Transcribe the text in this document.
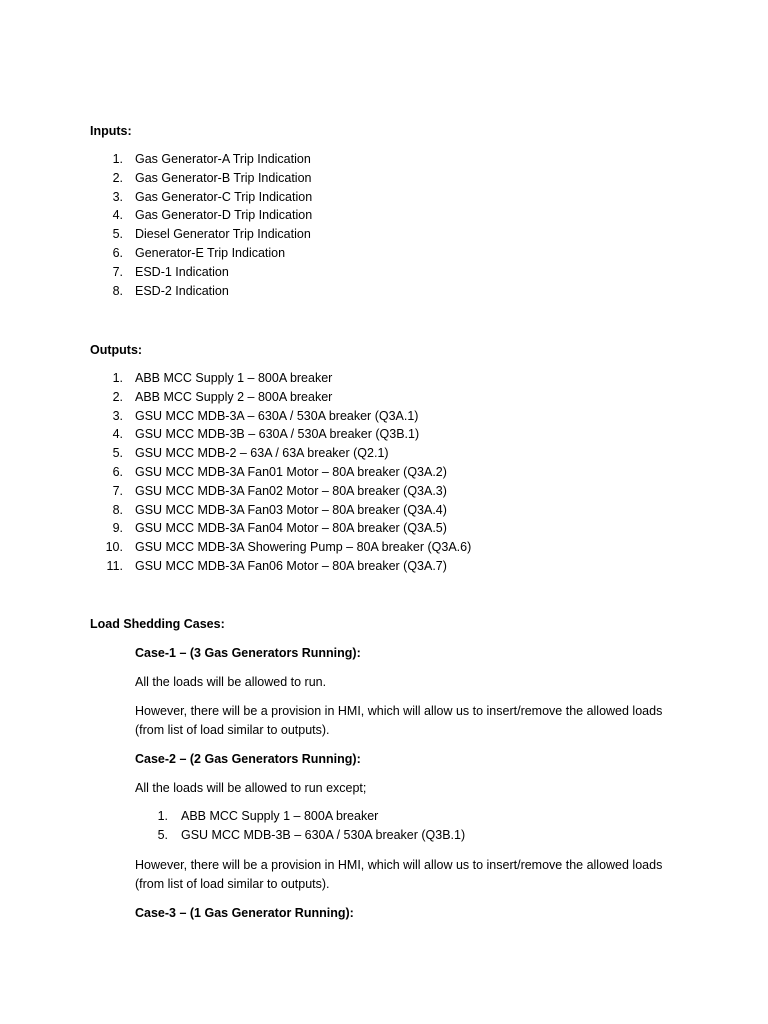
Inputs:
1. Gas Generator-A Trip Indication
2. Gas Generator-B Trip Indication
3. Gas Generator-C Trip Indication
4. Gas Generator-D Trip Indication
5. Diesel Generator Trip Indication
6. Generator-E Trip Indication
7. ESD-1 Indication
8. ESD-2 Indication
Outputs:
1. ABB MCC Supply 1 – 800A breaker
2. ABB MCC Supply 2 – 800A breaker
3. GSU MCC MDB-3A – 630A / 530A breaker (Q3A.1)
4. GSU MCC MDB-3B – 630A / 530A breaker (Q3B.1)
5. GSU MCC MDB-2 – 63A / 63A breaker (Q2.1)
6. GSU MCC MDB-3A Fan01 Motor – 80A breaker (Q3A.2)
7. GSU MCC MDB-3A Fan02 Motor – 80A breaker (Q3A.3)
8. GSU MCC MDB-3A Fan03 Motor – 80A breaker (Q3A.4)
9. GSU MCC MDB-3A Fan04 Motor – 80A breaker (Q3A.5)
10. GSU MCC MDB-3A Showering Pump – 80A breaker (Q3A.6)
11. GSU MCC MDB-3A Fan06 Motor – 80A breaker (Q3A.7)
Load Shedding Cases:

Case-1 – (3 Gas Generators Running):

All the loads will be allowed to run.

However, there will be a provision in HMI, which will allow us to insert/remove the allowed loads (from list of load similar to outputs).

Case-2 – (2 Gas Generators Running):

All the loads will be allowed to run except;

1. ABB MCC Supply 1 – 800A breaker
5. GSU MCC MDB-3B – 630A / 530A breaker (Q3B.1)

However, there will be a provision in HMI, which will allow us to insert/remove the allowed loads (from list of load similar to outputs).

Case-3 – (1 Gas Generator Running):
